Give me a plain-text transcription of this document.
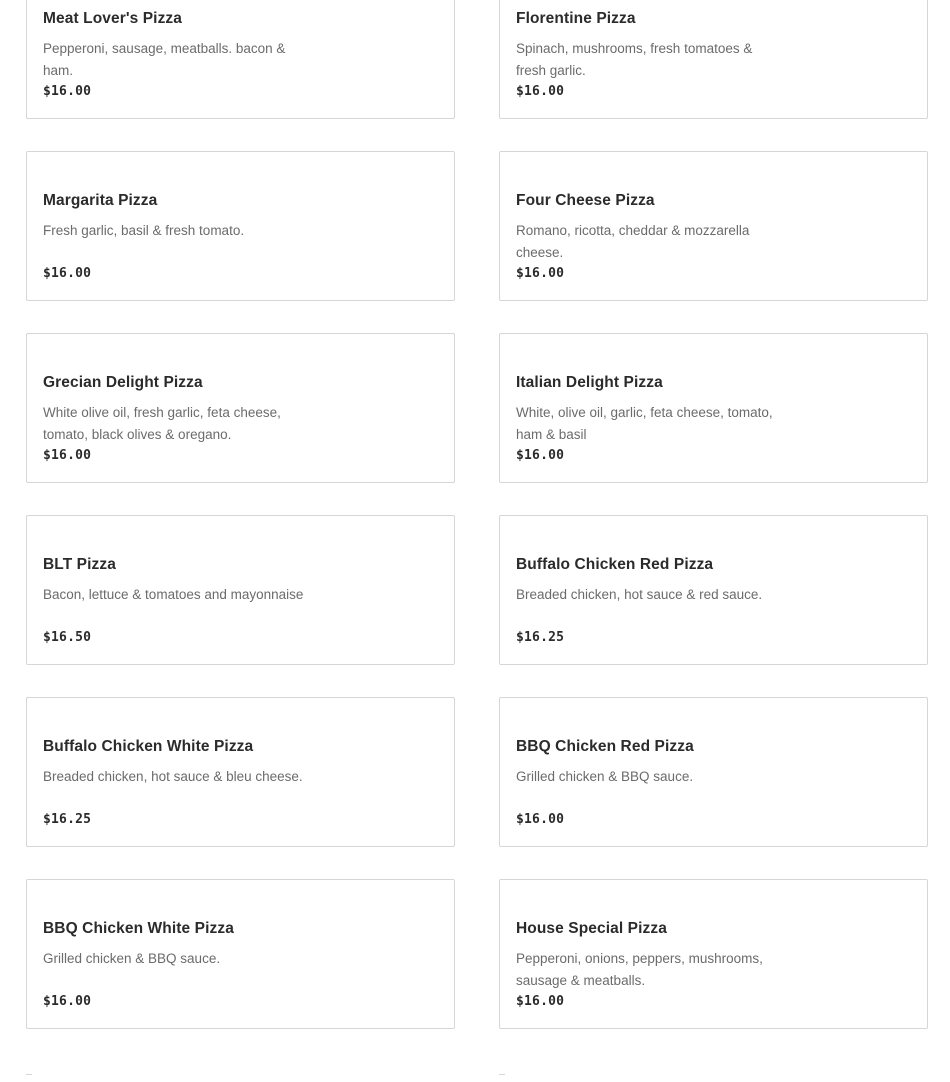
Meat Lover's Pizza
Pepperoni, sausage, meatballs. bacon & ham.
$16.00
Florentine Pizza
Spinach, mushrooms, fresh tomatoes & fresh garlic.
$16.00
Margarita Pizza
Fresh garlic, basil & fresh tomato.
$16.00
Four Cheese Pizza
Romano, ricotta, cheddar & mozzarella cheese.
$16.00
Grecian Delight Pizza
White olive oil, fresh garlic, feta cheese, tomato, black olives & oregano.
$16.00
Italian Delight Pizza
White, olive oil, garlic, feta cheese, tomato, ham & basil
$16.00
BLT Pizza
Bacon, lettuce & tomatoes and mayonnaise
$16.50
Buffalo Chicken Red Pizza
Breaded chicken, hot sauce & red sauce.
$16.25
Buffalo Chicken White Pizza
Breaded chicken, hot sauce & bleu cheese.
$16.25
BBQ Chicken Red Pizza
Grilled chicken & BBQ sauce.
$16.00
BBQ Chicken White Pizza
Grilled chicken & BBQ sauce.
$16.00
House Special Pizza
Pepperoni, onions, peppers, mushrooms, sausage & meatballs.
$16.00
